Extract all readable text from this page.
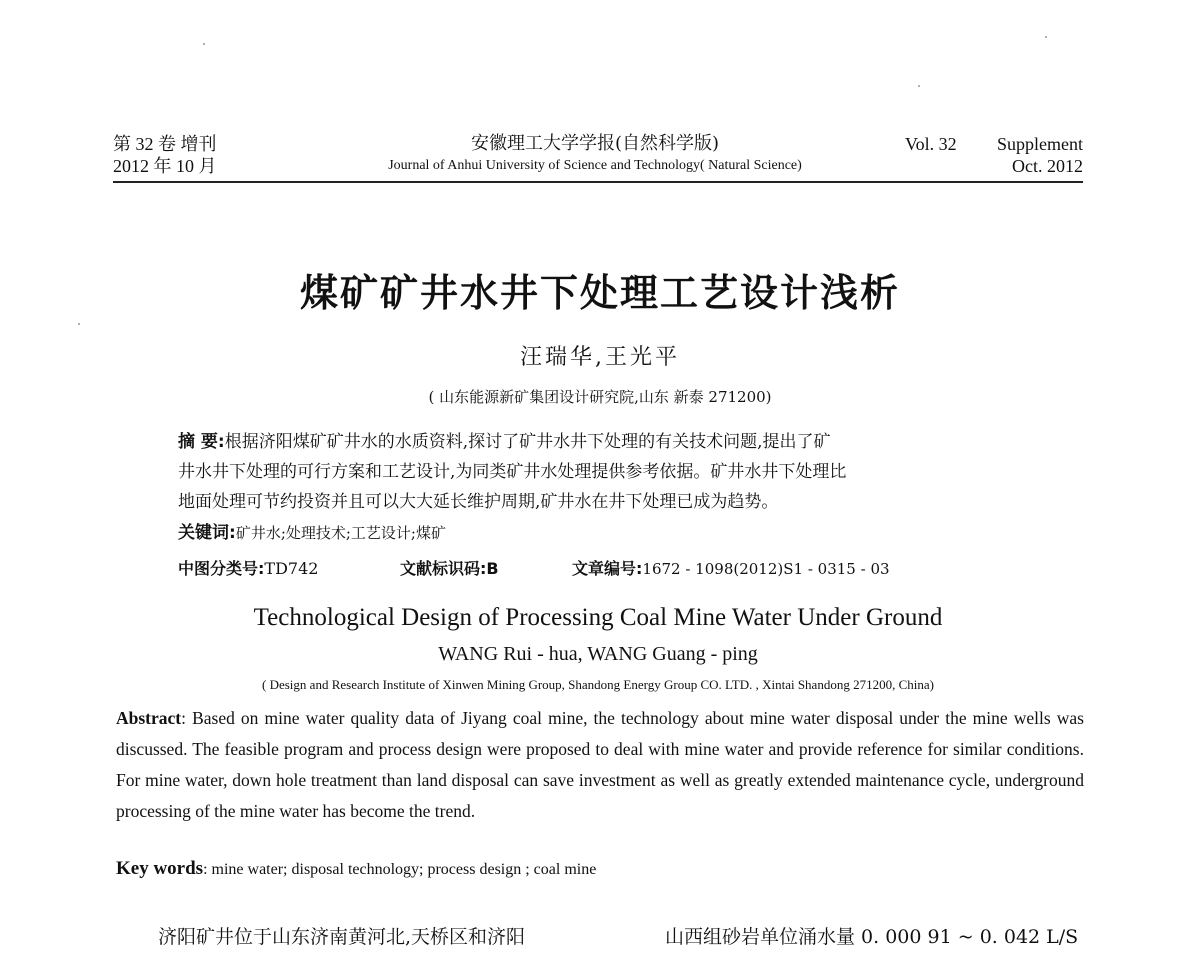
第 32 卷 增刊
2012 年 10 月
安徽理工大学学报(自然科学版)
Journal of Anhui University of Science and Technology( Natural Science)
Vol. 32	Supplement
Oct. 2012
煤矿矿井水井下处理工艺设计浅析
汪瑞华,王光平
( 山东能源新矿集团设计研究院,山东 新泰 271200)
摘 要:根据济阳煤矿矿井水的水质资料,探讨了矿井水井下处理的有关技术问题,提出了矿
井水井下处理的可行方案和工艺设计,为同类矿井水处理提供参考依据。矿井水井下处理比
地面处理可节约投资并且可以大大延长维护周期,矿井水在井下处理已成为趋势。
关键词:矿井水;处理技术;工艺设计;煤矿
中图分类号:TD742	文献标识码:B	文章编号:1672 - 1098(2012)S1 - 0315 - 03
Technological Design of Processing Coal Mine Water Under Ground
WANG Rui - hua, WANG Guang - ping
( Design and Research Institute of Xinwen Mining Group, Shandong Energy Group CO. LTD. , Xintai Shandong 271200, China)
Abstract: Based on mine water quality data of Jiyang coal mine, the technology about mine water disposal under the mine wells was discussed. The feasible program and process design were proposed to deal with mine water and provide reference for similar conditions. For mine water, down hole treatment than land disposal can save investment as well as greatly extended maintenance cycle, underground processing of the mine water has become the trend.
Key words: mine water; disposal technology; process design ; coal mine
济阳矿井位于山东济南黄河北,天桥区和济阳	山西组砂岩单位涌水量 0. 000 91 ~ 0. 042 L/S
